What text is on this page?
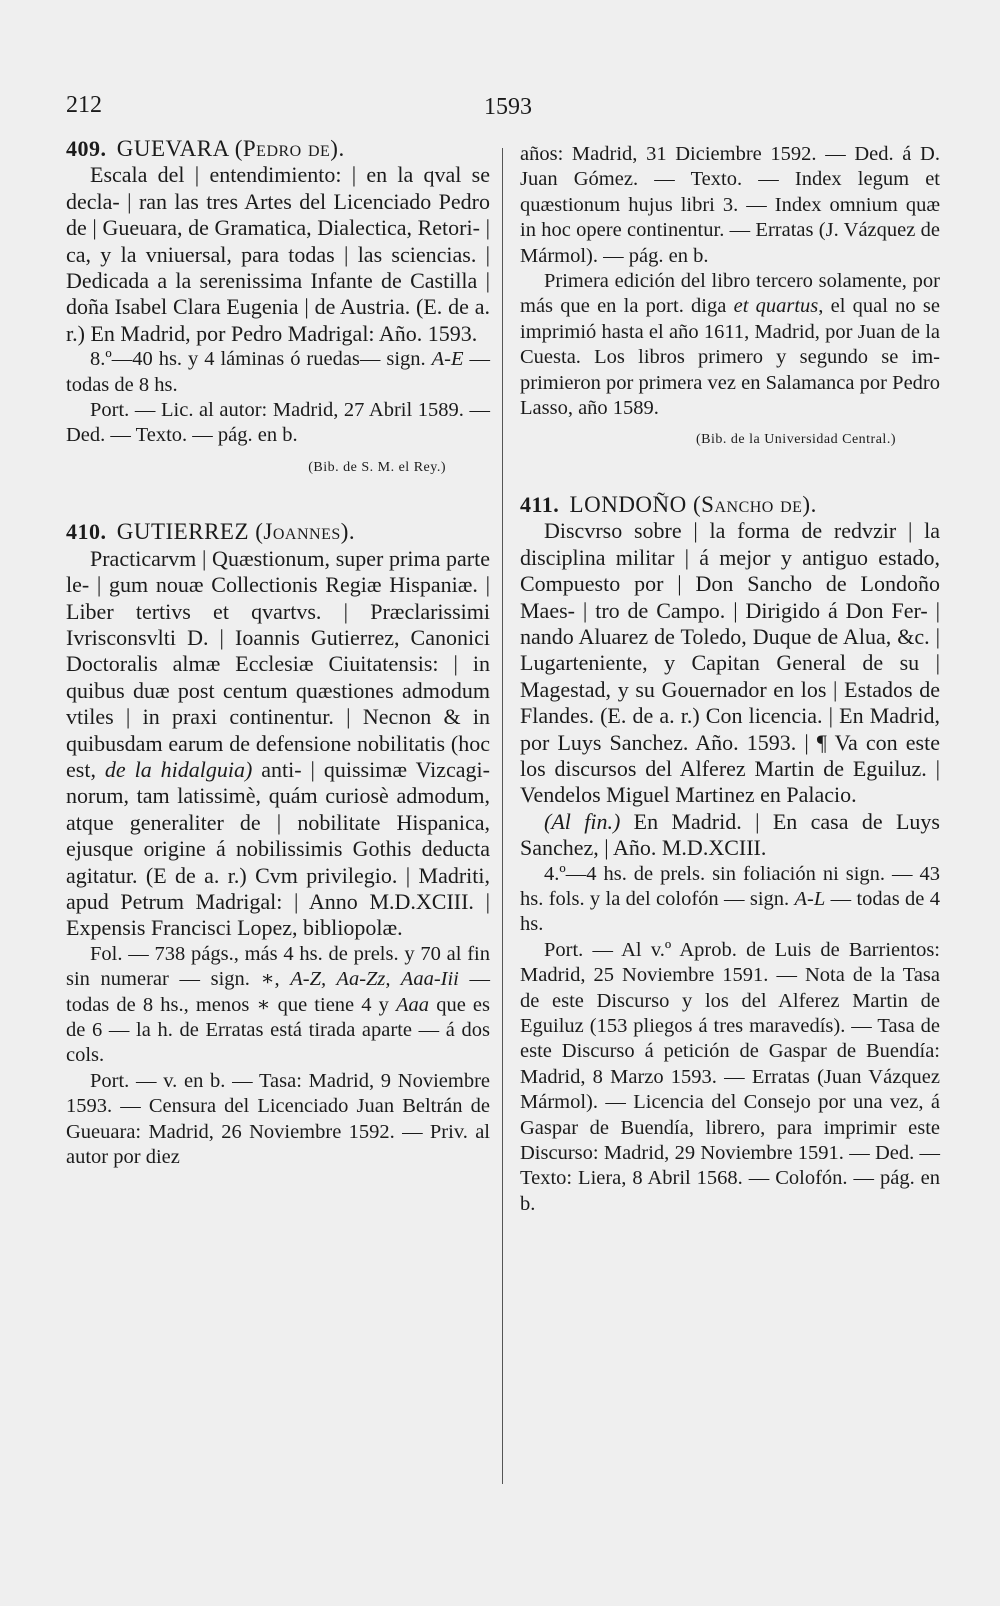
212	1593
409. GUEVARA (Pedro de).

Escala del | entendimiento: | en la qval se decla- | ran las tres Artes del Licenciado Pedro de | Gueuara, de Gramatica, Dialectica, Retori- | ca, y la vniuersal, para todas | las sciencias. | Dedicada a la serenissima Infante de Castilla | doña Isabel Clara Eugenia | de Austria. (E. de a. r.) En Madrid, por Pedro Madrigal: Año. 1593.

8.º—40 hs. y 4 láminas ó ruedas— sign. A-E — todas de 8 hs.

Port. — Lic. al autor: Madrid, 27 Abril 1589. — Ded. — Texto. — pág. en b.

(Bib. de S. M. el Rey.)
410. GUTIERREZ (Joannes).

Practicarvm | Quæstionum, super prima parte le- | gum nouæ Collectionis Regiæ Hispaniæ. | Liber tertivs et qvartvs. | Præclarissimi Ivrisconsvlti D. | Ioannis Gutierrez, Canonici Doctoralis almæ Ecclesiæ Ciuitatensis: | in quibus duæ post centum quæstiones admodum vtiles | in praxi continentur. | Necnon & in quibusdam earum de defensione nobilitatis (hoc est, de la hidalguia) anti- | quissimæ Vizcaginorum, tam latissimè, quám curiosè admodum, atque generaliter de | nobilitate Hispanica, ejusque origine á nobilissimis Gothis deducta agitatur. (E de a. r.) Cvm privilegio. | Madriti, apud Petrum Madrigal: | Anno M.D.XCIII. | Expensis Francisci Lopez, bibliopolæ.

Fol. — 738 págs., más 4 hs. de prels. y 70 al fin sin numerar — sign. ∗, A-Z, Aa-Zz, Aaa-Iii — todas de 8 hs., menos ∗ que tiene 4 y Aaa que es de 6 — la h. de Erratas está tirada aparte — á dos cols.

Port. — v. en b. — Tasa: Madrid, 9 Noviembre 1593. — Censura del Licenciado Juan Beltrán de Gueuara: Madrid, 26 Noviembre 1592. — Priv. al autor por diez

años: Madrid, 31 Diciembre 1592. — Ded. á D. Juan Gómez. — Texto. — Index legum et quæstionum hujus libri 3. — Index omnium quæ in hoc opere continentur. — Erratas (J. Vázquez de Mármol). — pág. en b.

Primera edición del libro tercero solamente, por más que en la port. diga et quartus, el qual no se imprimió hasta el año 1611, Madrid, por Juan de la Cuesta. Los libros primero y segundo se imprimieron por primera vez en Salamanca por Pedro Lasso, año 1589.

(Bib. de la Universidad Central.)
411. LONDOÑO (Sancho de).

Discvrso sobre | la forma de redvzir | la disciplina militar | á mejor y antiguo estado, Compuesto por | Don Sancho de Londoño Maes- | tro de Campo. | Dirigido á Don Fer- | nando Aluarez de Toledo, Duque de Alua, &c. | Lugarteniente, y Capitan General de su | Magestad, y su Gouernador en los | Estados de Flandes. (E. de a. r.) Con licencia. | En Madrid, por Luys Sanchez. Año. 1593. | ¶ Va con este los discursos del Alferez Martin de Eguiluz. | Vendelos Miguel Martinez en Palacio.

(Al fin.) En Madrid. | En casa de Luys Sanchez, | Año. M.D.XCIII.

4.º—4 hs. de prels. sin foliación ni sign. — 43 hs. fols. y la del colofón — sign. A-L — todas de 4 hs.

Port. — Al v.º Aprob. de Luis de Barrientos: Madrid, 25 Noviembre 1591. — Nota de la Tasa de este Discurso y los del Alferez Martin de Eguiluz (153 pliegos á tres maravedís). — Tasa de este Discurso á petición de Gaspar de Buendía: Madrid, 8 Marzo 1593. — Erratas (Juan Vázquez Mármol). — Licencia del Consejo por una vez, á Gaspar de Buendía, librero, para imprimir este Discurso: Madrid, 29 Noviembre 1591. — Ded. — Texto: Liera, 8 Abril 1568. — Colofón. — pág. en b.
